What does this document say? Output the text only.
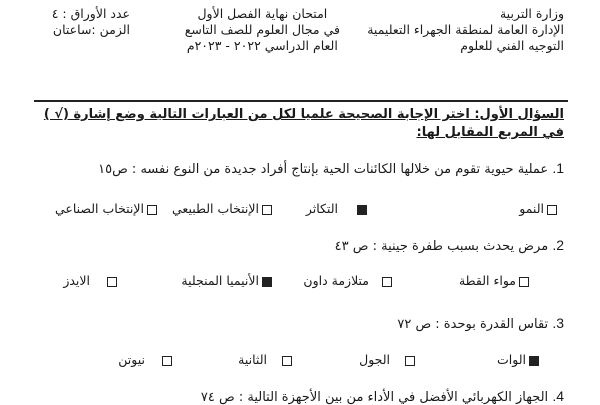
وزارة التربية
الإدارة العامة لمنطقة الجهراء التعليمية
التوجيه الفني للعلوم
امتحان نهاية الفصل الأول
في مجال العلوم للصف التاسع
العام الدراسي ٢٠٢٢ - ٢٠٢٣م
عدد الأوراق : ٤
الزمن :ساعتان
السؤال الأول: اختر الإجابة الصحيحة علميا لكل من العبارات التالية وضع إشارة (√ )
في المربع المقابل لها:
1. عملية حيوية تقوم من خلالها الكائنات الحية بإنتاج أفراد جديدة من النوع نفسه : ص١٥
النمو
التكاثر
الإنتخاب الطبيعي
الإنتخاب الصناعي
2. مرض يحدث بسبب طفرة جينية : ص ٤٣
مواء القطة
متلازمة داون
الأنيميا المنجلية
الايدز
3. تقاس القدرة بوحدة : ص ٧٢
الوات
الجول
الثانية
نيوتن
4. الجهاز الكهربائي الأفضل في الأداء من بين الأجهزة التالية : ص ٧٤
